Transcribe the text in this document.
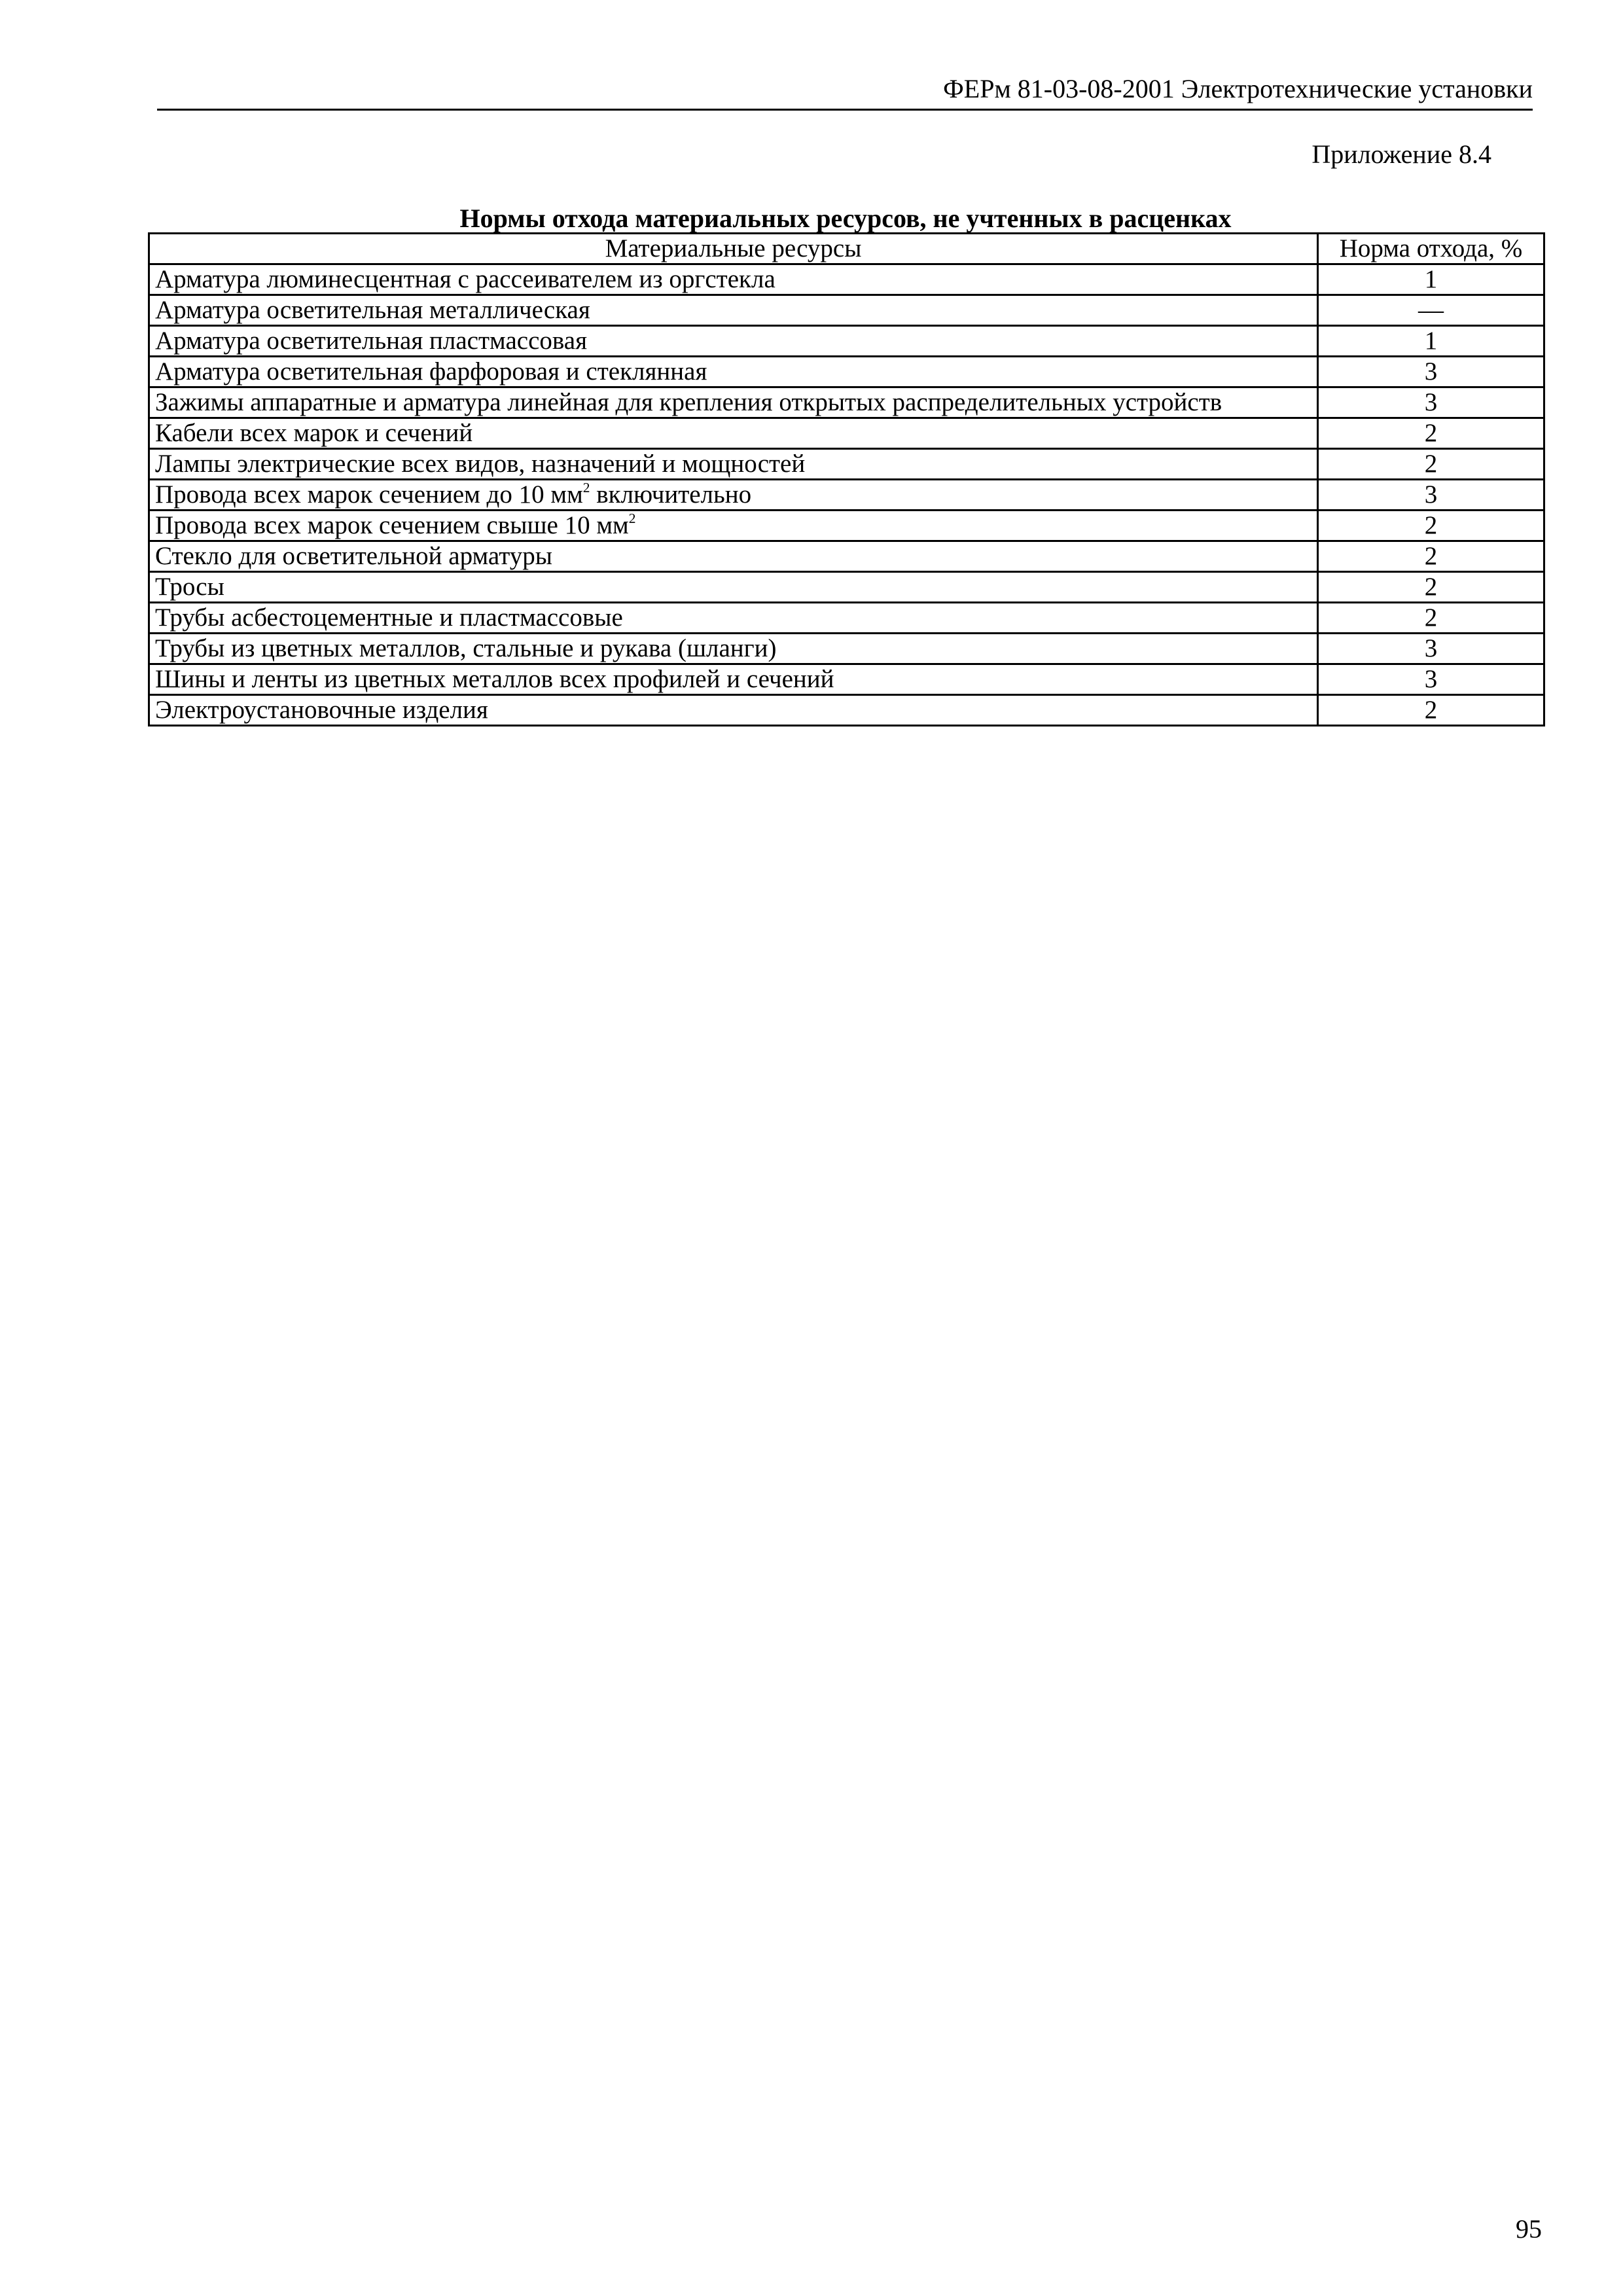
ФЕРм 81-03-08-2001 Электротехнические установки
Приложение 8.4
Нормы отхода материальных ресурсов, не учтенных в расценках
Материальные ресурсы	Норма отхода, %
Арматура люминесцентная с рассеивателем из оргстекла	1
Арматура осветительная металлическая	—
Арматура осветительная пластмассовая	1
Арматура осветительная фарфоровая и стеклянная	3
Зажимы аппаратные и арматура линейная для крепления открытых распределительных устройств	3
Кабели всех марок и сечений	2
Лампы электрические всех видов, назначений и мощностей	2
Провода всех марок сечением до 10 $мм^2$ включительно	3
Провода всех марок сечением свыше 10 $мм^2$	2
Стекло для осветительной арматуры	2
Тросы	2
Трубы асбестоцементные и пластмассовые	2
Трубы из цветных металлов, стальные и рукава (шланги)	3
Шины и ленты из цветных металлов всех профилей и сечений	3
Электроустановочные изделия	2
95
